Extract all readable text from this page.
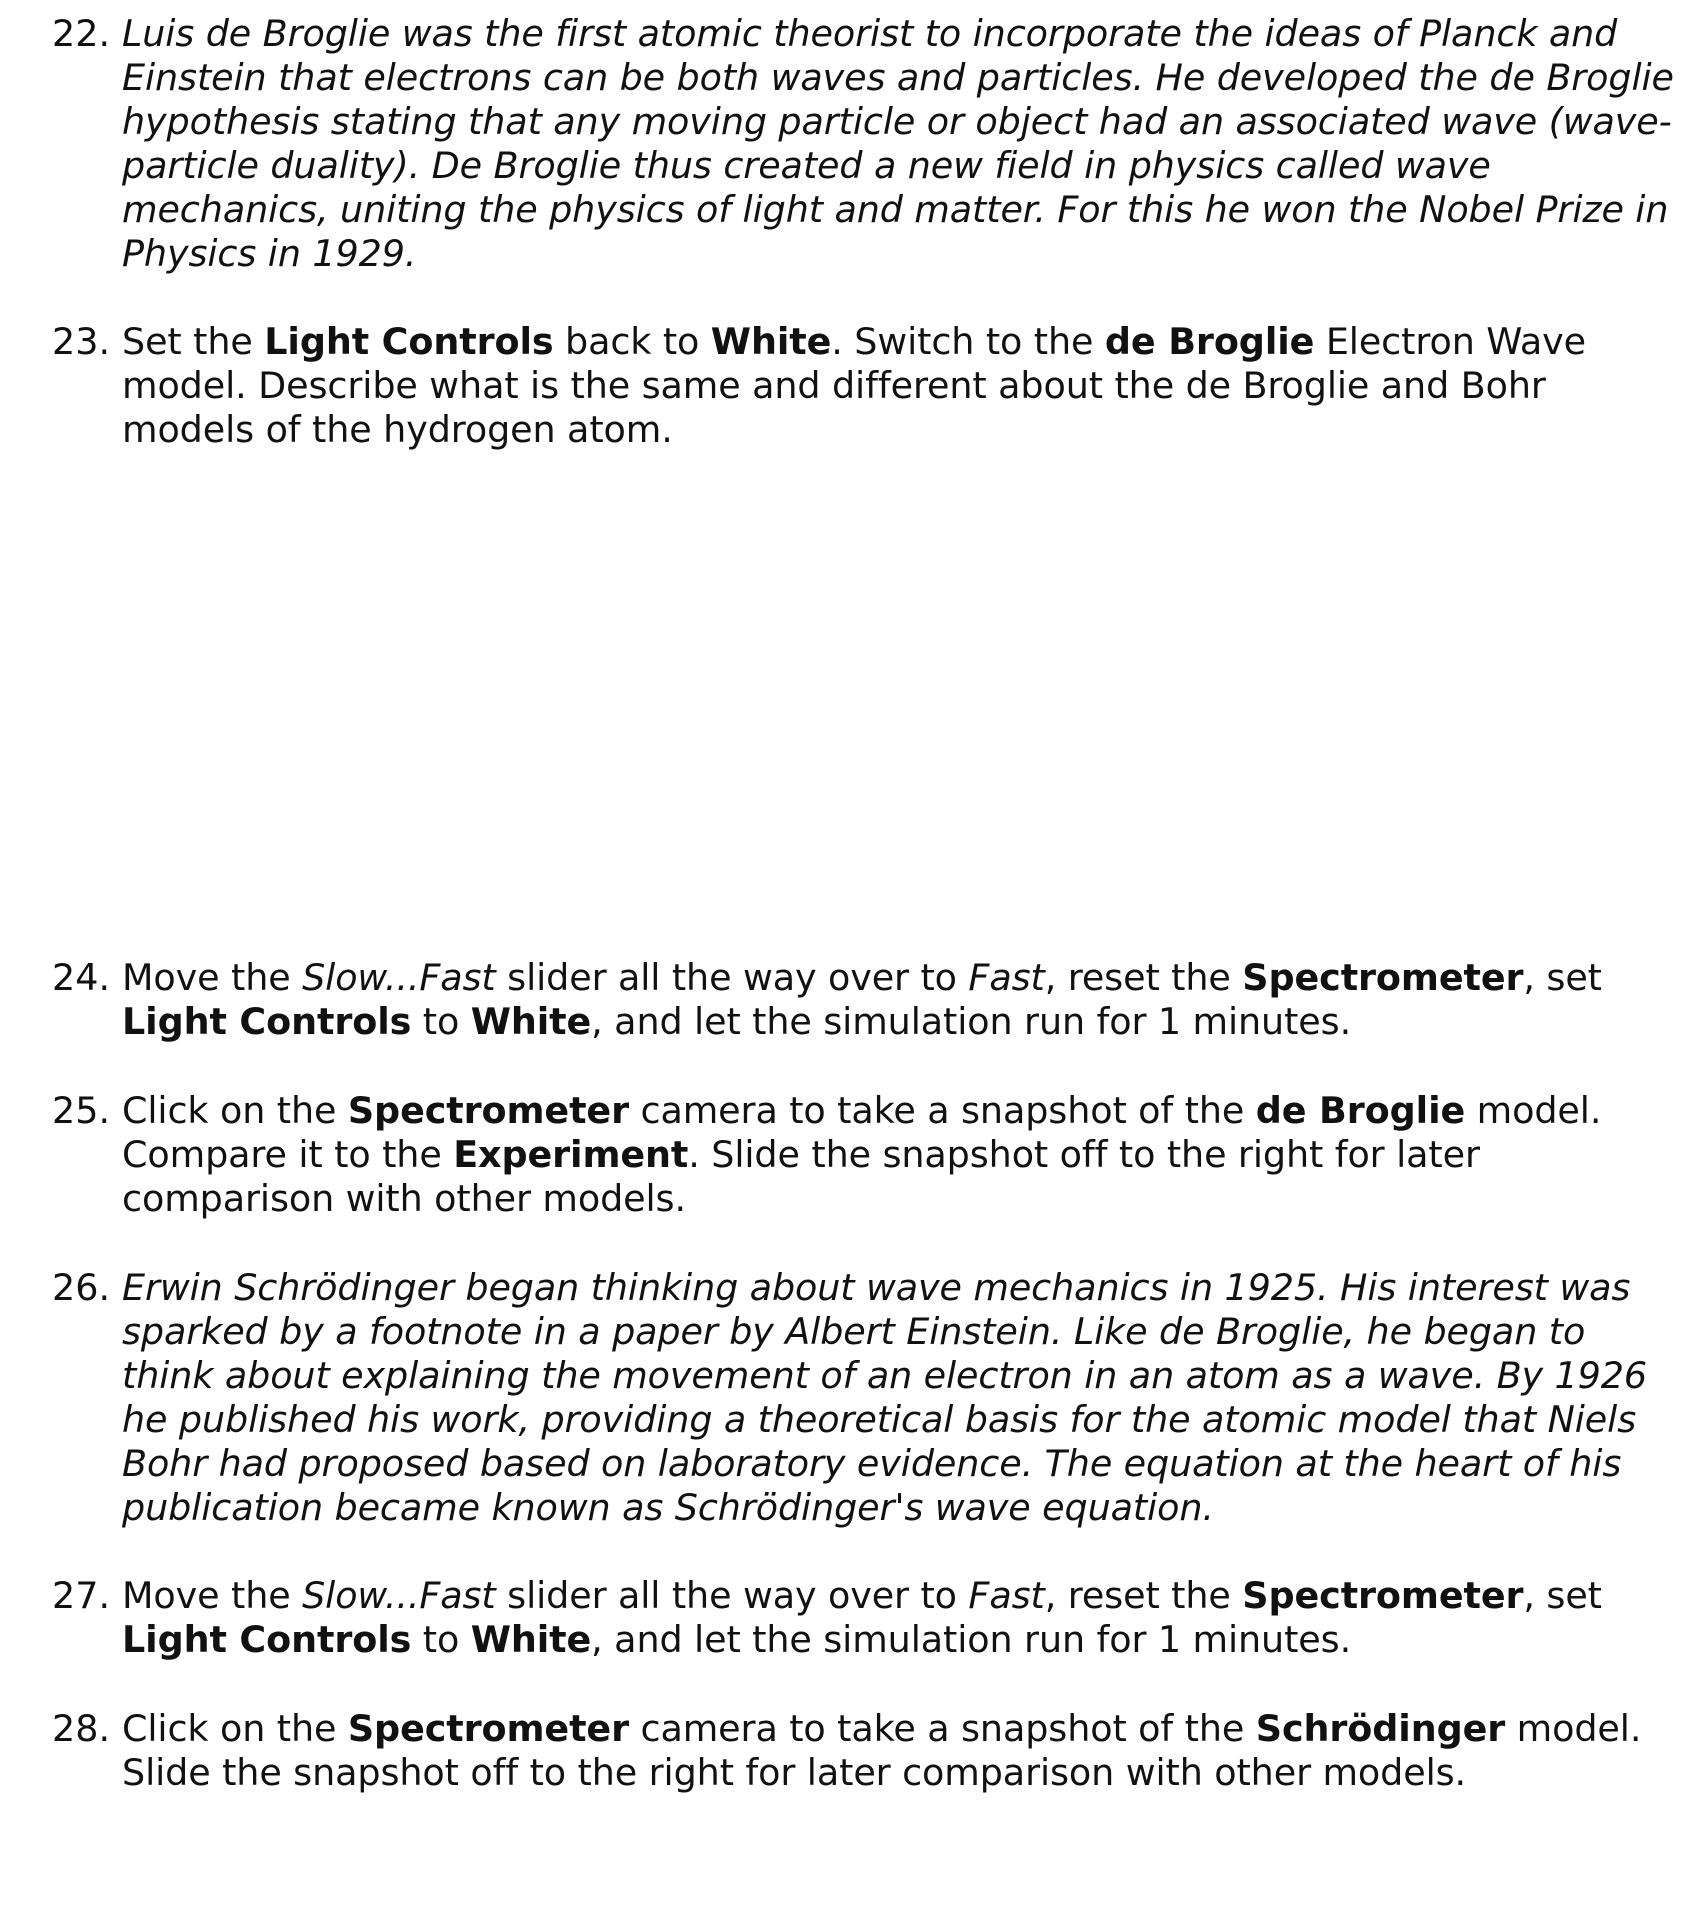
22. Luis de Broglie was the first atomic theorist to incorporate the ideas of Planck and Einstein that electrons can be both waves and particles. He developed the de Broglie hypothesis stating that any moving particle or object had an associated wave (wave-particle duality). De Broglie thus created a new field in physics called wave mechanics, uniting the physics of light and matter. For this he won the Nobel Prize in Physics in 1929.
23. Set the Light Controls back to White. Switch to the de Broglie Electron Wave model. Describe what is the same and different about the de Broglie and Bohr models of the hydrogen atom.
24. Move the Slow...Fast slider all the way over to Fast, reset the Spectrometer, set Light Controls to White, and let the simulation run for 1 minutes.
25. Click on the Spectrometer camera to take a snapshot of the de Broglie model. Compare it to the Experiment. Slide the snapshot off to the right for later comparison with other models.
26. Erwin Schrödinger began thinking about wave mechanics in 1925. His interest was sparked by a footnote in a paper by Albert Einstein. Like de Broglie, he began to think about explaining the movement of an electron in an atom as a wave. By 1926 he published his work, providing a theoretical basis for the atomic model that Niels Bohr had proposed based on laboratory evidence. The equation at the heart of his publication became known as Schrödinger's wave equation.
27. Move the Slow...Fast slider all the way over to Fast, reset the Spectrometer, set Light Controls to White, and let the simulation run for 1 minutes.
28. Click on the Spectrometer camera to take a snapshot of the Schrödinger model. Slide the snapshot off to the right for later comparison with other models.
